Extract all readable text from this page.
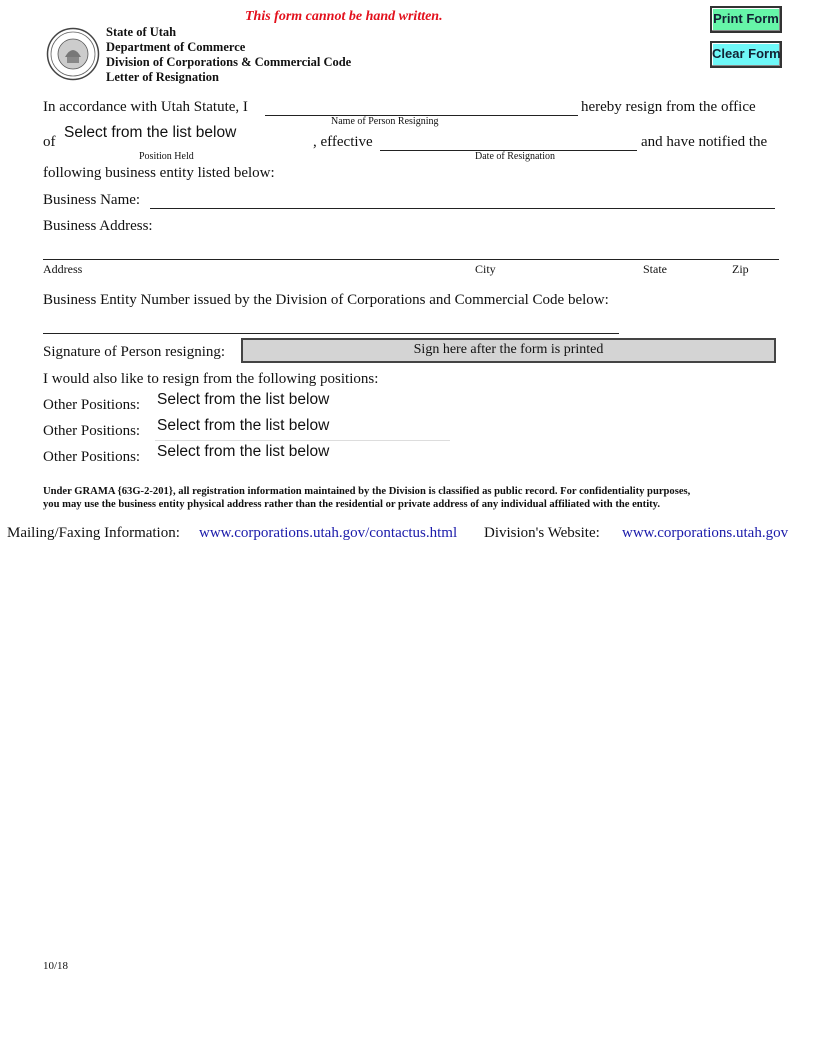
This form cannot be hand written.	Print Form
Clear Form
State of Utah
Department of Commerce
Division of Corporations & Commercial Code
Letter of Resignation
In accordance with Utah Statute, I	hereby resign from the office
Name of Person Resigning
of
Select from the list below
, effective	and have notified the
Position Held	Date of Resignation
following business entity listed below:
Business Name:
Business Address:
Address	City	State	Zip
Business Entity Number issued by the Division of Corporations and Commercial Code below:
Signature of Person resigning:	Sign here after the form is printed
I would also like to resign from the following positions:
Other Positions: Select from the list below
Other Positions: Select from the list below
Other Positions: Select from the list below
Under GRAMA {63G-2-201}, all registration information maintained by the Division is classified as public record. For confidentiality purposes,
you may use the business entity physical address rather than the residential or private address of any individual affiliated with the entity.
Mailing/Faxing Information: www.corporations.utah.gov/contactus.html Division's Website: www.corporations.utah.gov
10/18
